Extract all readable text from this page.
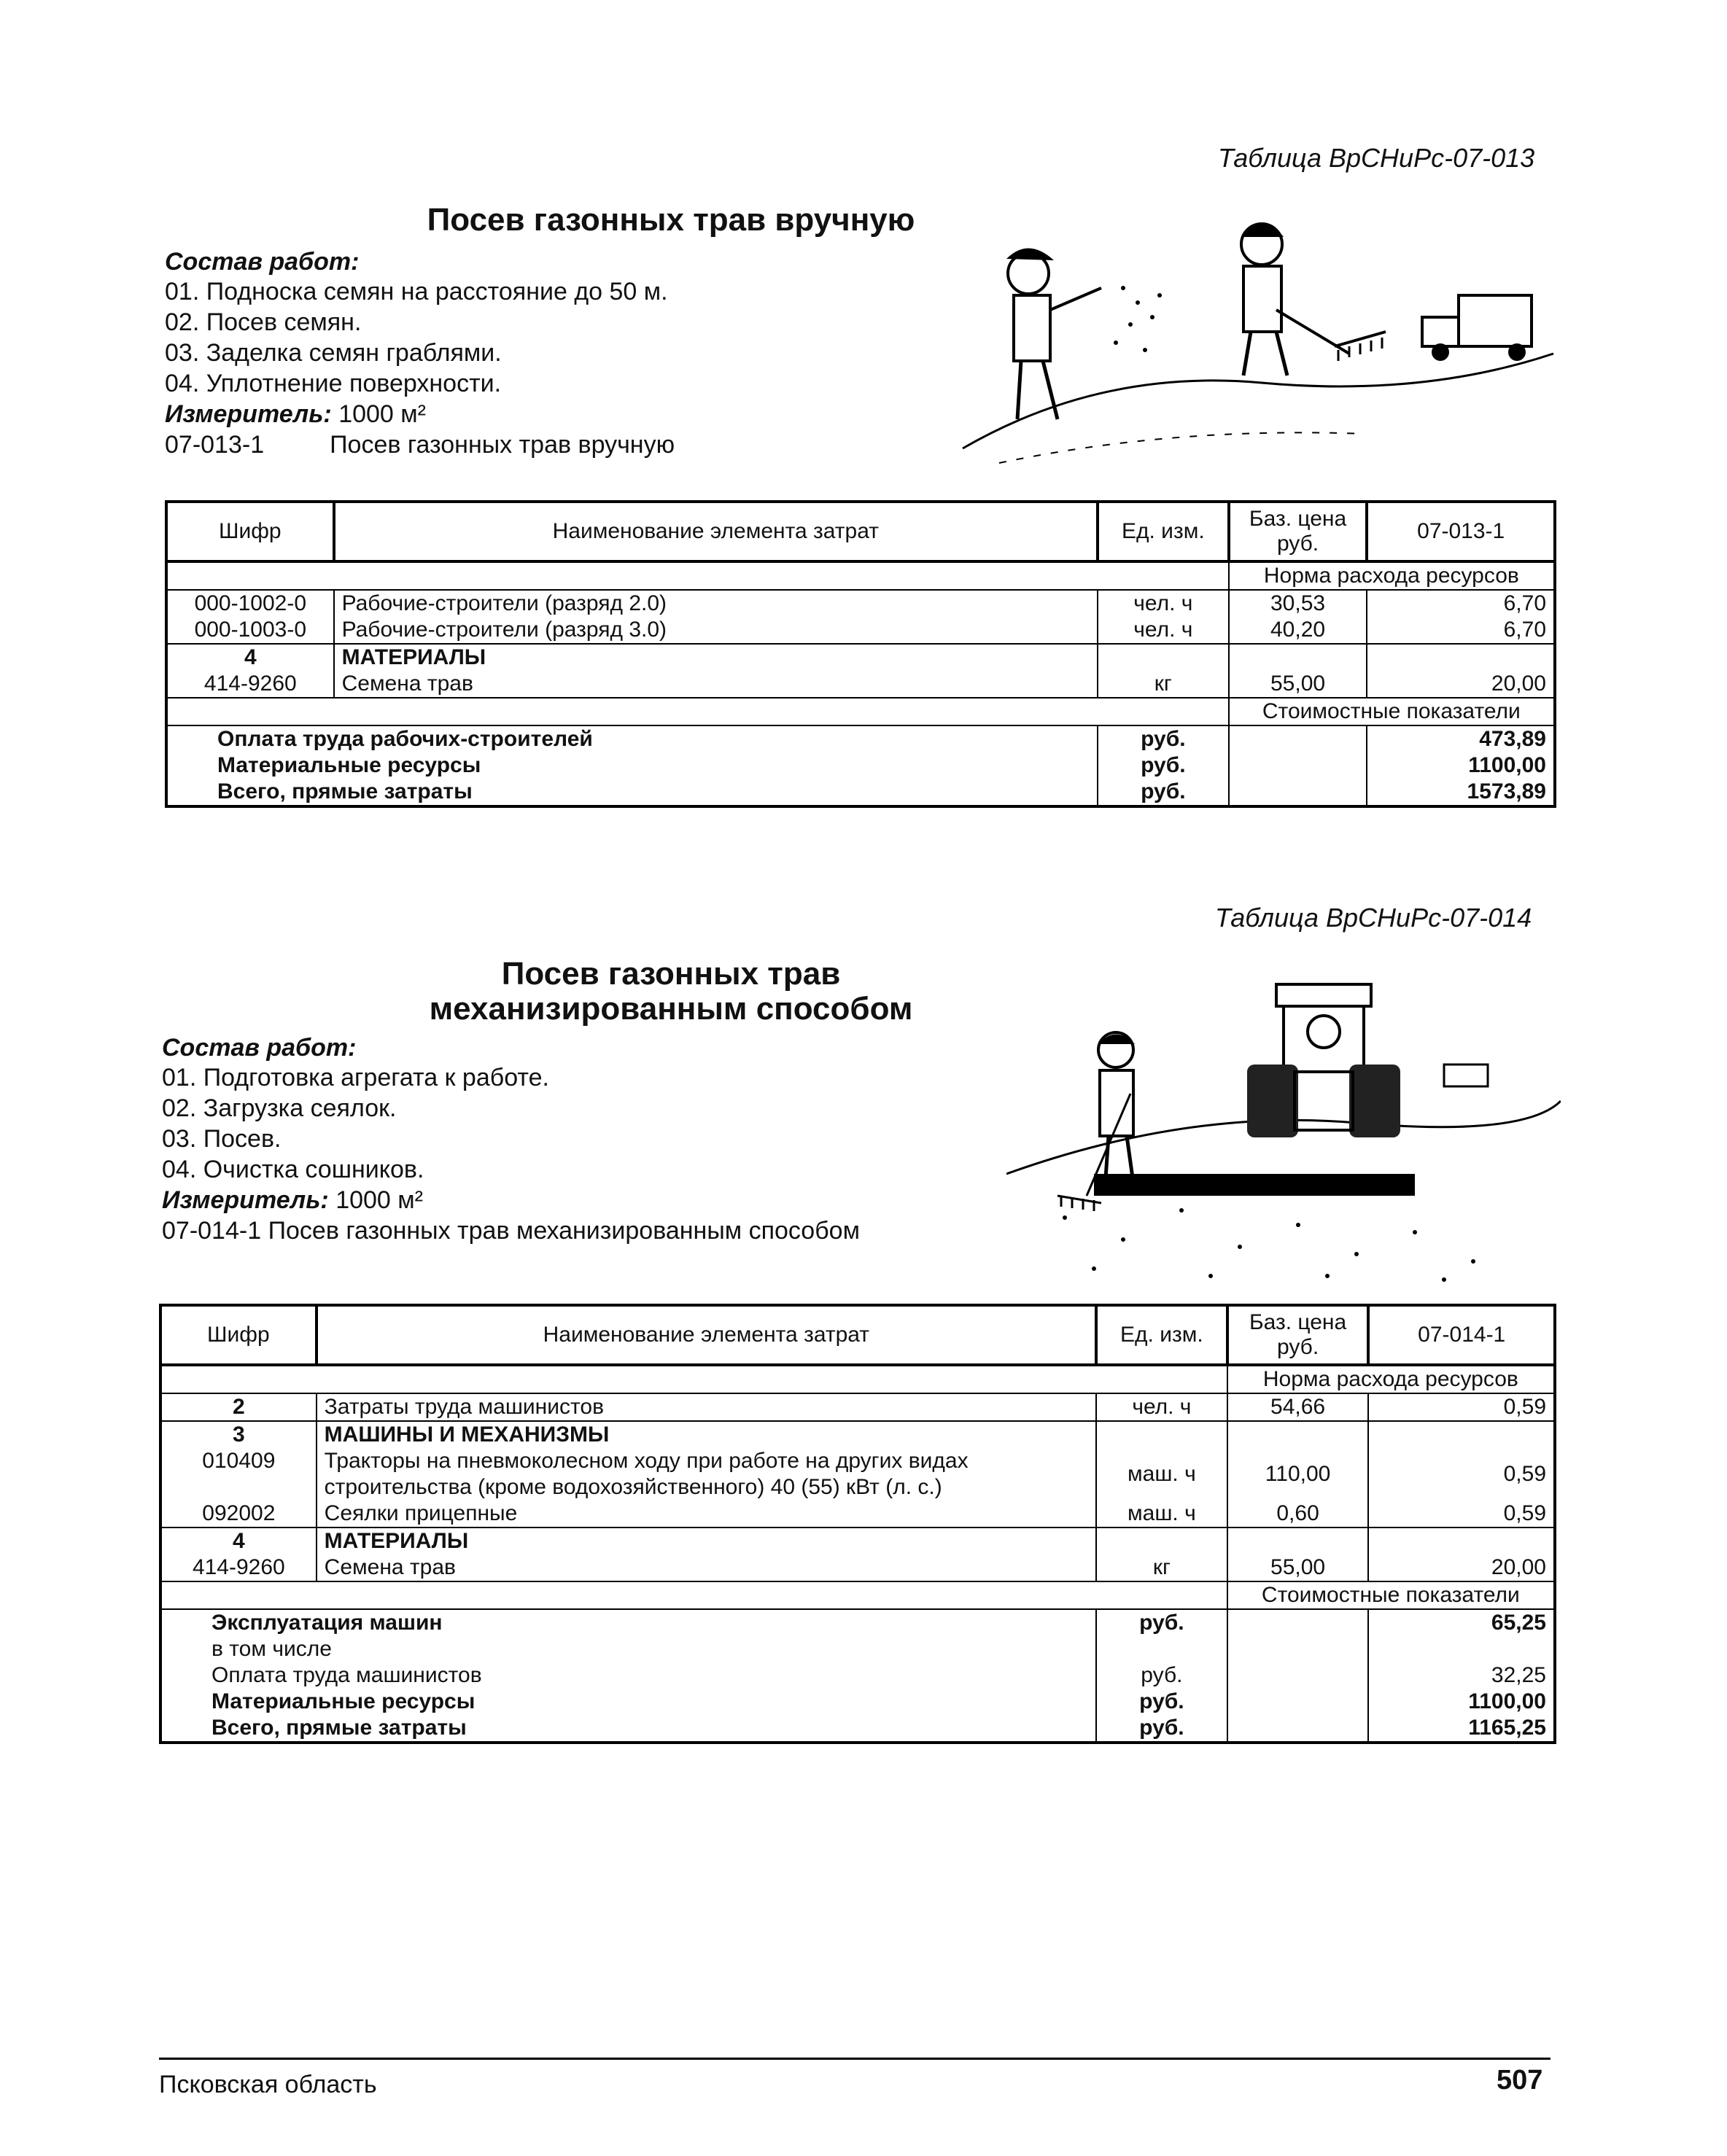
Таблица ВрСНиРс-07-013
Посев газонных трав вручную
Состав работ:
01. Подноска семян на расстояние до 50 м.
02. Посев семян.
03. Заделка семян граблями.
04. Уплотнение поверхности.
Измеритель: 1000 м²
07-013-1	Посев газонных трав вручную
Шифр	Наименование элемента затрат	Ед. изм.	Баз. цена руб.	07-013-1
			Норма расхода ресурсов	
000-1002-0	Рабочие-строители (разряд 2.0)	чел. ч	30,53	6,70
000-1003-0	Рабочие-строители (разряд 3.0)	чел. ч	40,20	6,70
4	МАТЕРИАЛЫ			
414-9260	Семена трав	кг	55,00	20,00
			Стоимостные показатели	
Оплата труда рабочих-строителей		руб.		473,89
Материальные ресурсы		руб.		1100,00
Всего, прямые затраты		руб.		1573,89
Таблица ВрСНиРс-07-014
Посев газонных трав
механизированным способом
Состав работ:
01. Подготовка агрегата к работе.
02. Загрузка сеялок.
03. Посев.
04. Очистка сошников.
Измеритель: 1000 м²
07-014-1 Посев газонных трав механизированным способом
Шифр	Наименование элемента затрат	Ед. изм.	Баз. цена руб.	07-014-1
			Норма расхода ресурсов	
2	Затраты труда машинистов	чел. ч	54,66	0,59
3	МАШИНЫ И МЕХАНИЗМЫ			
010409	Тракторы на пневмоколесном ходу при работе на других видах строительства (кроме водохозяйственного) 40 (55) кВт (л. с.)	маш. ч	110,00	0,59
092002	Сеялки прицепные	маш. ч	0,60	0,59
4	МАТЕРИАЛЫ			
414-9260	Семена трав	кг	55,00	20,00
			Стоимостные показатели	
Эксплуатация машин		руб.		65,25
в том числе				
Оплата труда машинистов		руб.		32,25
Материальные ресурсы		руб.		1100,00
Всего, прямые затраты		руб.		1165,25
Псковская область	507
